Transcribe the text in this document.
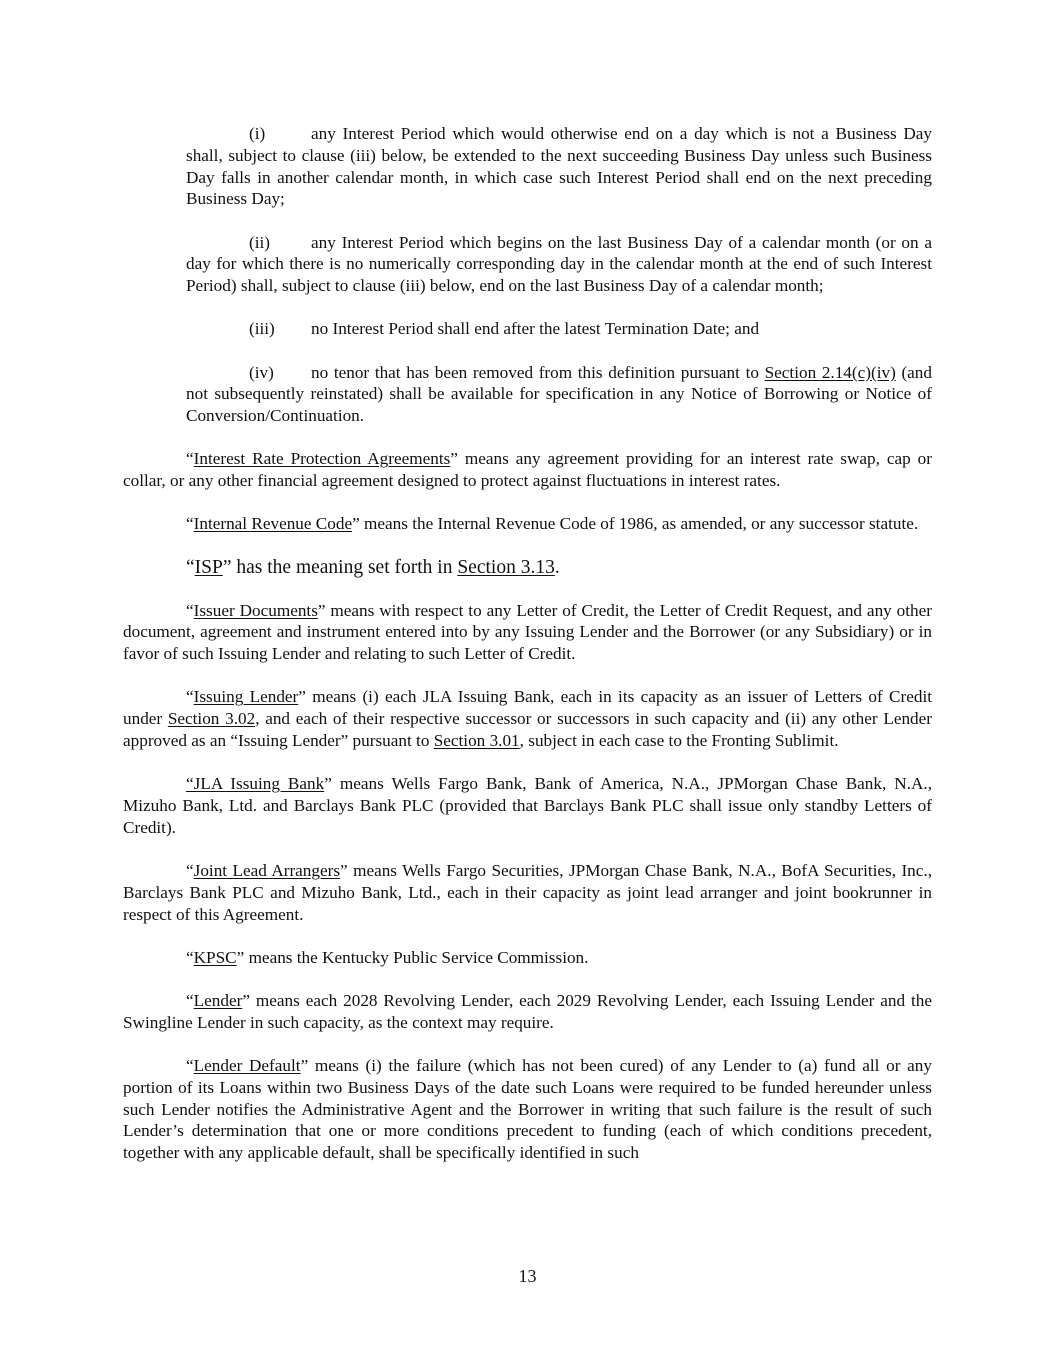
(i)	any Interest Period which would otherwise end on a day which is not a Business Day shall, subject to clause (iii) below, be extended to the next succeeding Business Day unless such Business Day falls in another calendar month, in which case such Interest Period shall end on the next preceding Business Day;

(ii) any Interest Period which begins on the last Business Day of a calendar month (or on a day for which there is no numerically corresponding day in the calendar month at the end of such Interest Period) shall, subject to clause (iii) below, end on the last Business Day of a calendar month;

(iii) no Interest Period shall end after the latest Termination Date; and

(iv) no tenor that has been removed from this definition pursuant to Section 2.14(c)(iv) (and not subsequently reinstated) shall be available for specification in any Notice of Borrowing or Notice of Conversion/Continuation.

“Interest Rate Protection Agreements” means any agreement providing for an interest rate swap, cap or collar, or any other financial agreement designed to protect against fluctuations in interest rates.

“Internal Revenue Code” means the Internal Revenue Code of 1986, as amended, or any successor statute.

“ISP” has the meaning set forth in Section 3.13.

“Issuer Documents” means with respect to any Letter of Credit, the Letter of Credit Request, and any other document, agreement and instrument entered into by any Issuing Lender and the Borrower (or any Subsidiary) or in favor of such Issuing Lender and relating to such Letter of Credit.

“Issuing Lender” means (i) each JLA Issuing Bank, each in its capacity as an issuer of Letters of Credit under Section 3.02, and each of their respective successor or successors in such capacity and (ii) any other Lender approved as an “Issuing Lender” pursuant to Section 3.01, subject in each case to the Fronting Sublimit.

“JLA Issuing Bank” means Wells Fargo Bank, Bank of America, N.A., JPMorgan Chase Bank, N.A., Mizuho Bank, Ltd. and Barclays Bank PLC (provided that Barclays Bank PLC shall issue only standby Letters of Credit).

“Joint Lead Arrangers” means Wells Fargo Securities, JPMorgan Chase Bank, N.A., BofA Securities, Inc., Barclays Bank PLC and Mizuho Bank, Ltd., each in their capacity as joint lead arranger and joint bookrunner in respect of this Agreement.

“KPSC” means the Kentucky Public Service Commission.

“Lender” means each 2028 Revolving Lender, each 2029 Revolving Lender, each Issuing Lender and the Swingline Lender in such capacity, as the context may require.

“Lender Default” means (i) the failure (which has not been cured) of any Lender to (a) fund all or any portion of its Loans within two Business Days of the date such Loans were required to be funded hereunder unless such Lender notifies the Administrative Agent and the Borrower in writing that such failure is the result of such Lender’s determination that one or more conditions precedent to funding (each of which conditions precedent, together with any applicable default, shall be specifically identified in such

13
